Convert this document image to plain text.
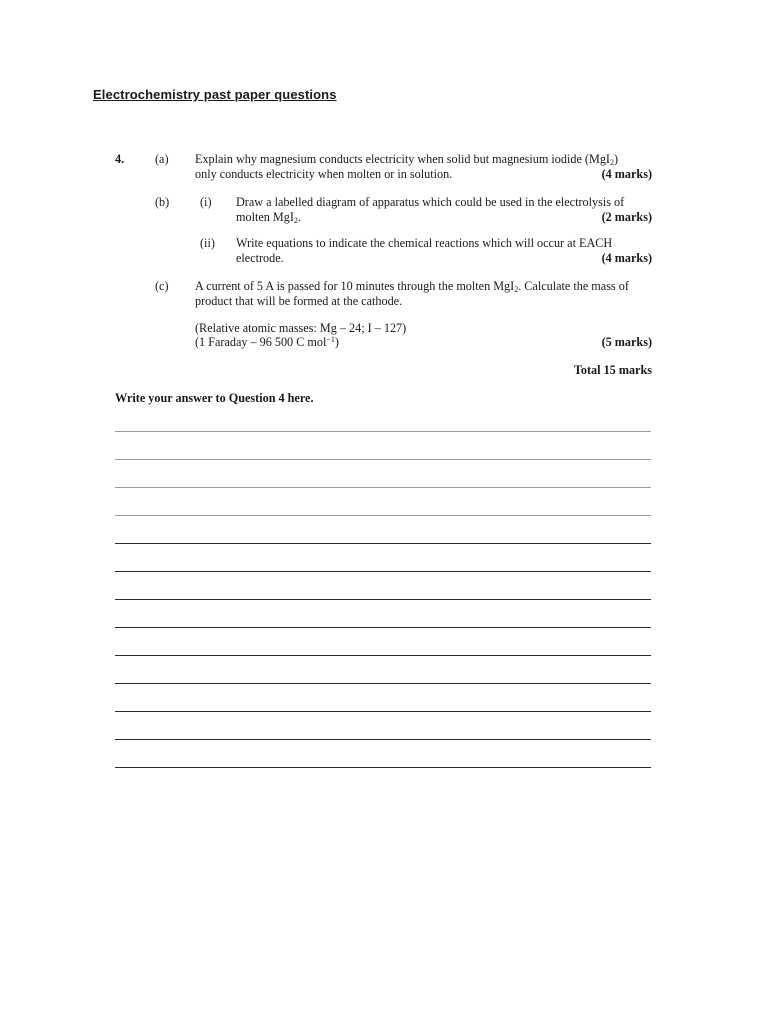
Electrochemistry past paper questions
4.	(a) Explain why magnesium conducts electricity when solid but magnesium iodide (MgI$_2$)
only conducts electricity when molten or in solution.	(4 marks)
(b)	(i) Draw a labelled diagram of apparatus which could be used in the electrolysis of
molten MgI$_2$.	(2 marks)
(ii) Write equations to indicate the chemical reactions which will occur at EACH
electrode.	(4 marks)
(c) A current of 5 A is passed for 10 minutes through the molten MgI$_2$. Calculate the mass of
product that will be formed at the cathode.
(Relative atomic masses: Mg – 24; I – 127)
(1 Faraday – 96 500 C mol$^{-1}$)	(5 marks)
Total 15 marks
Write your answer to Question 4 here.
